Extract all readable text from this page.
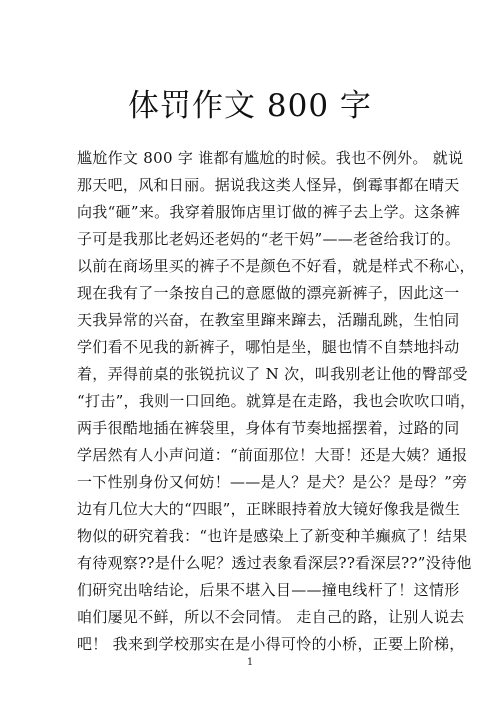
体罚作文 800 字
尴尬作文 800 字 谁都有尴尬的时候。我也不例外。 就说
那天吧，风和日丽。据说我这类人怪异，倒霉事都在晴天
向我“砸”来。我穿着服饰店里订做的裤子去上学。这条裤
子可是我那比老妈还老妈的“老干妈”——老爸给我订的。
以前在商场里买的裤子不是颜色不好看，就是样式不称心，
现在我有了一条按自己的意愿做的漂亮新裤子，因此这一
天我异常的兴奋，在教室里蹿来蹿去，活蹦乱跳，生怕同
学们看不见我的新裤子，哪怕是坐，腿也情不自禁地抖动
着，弄得前桌的张锐抗议了 N 次，叫我别老让他的臀部受
“打击”，我则一口回绝。就算是在走路，我也会吹吹口哨，
两手很酷地插在裤袋里，身体有节奏地摇摆着，过路的同
学居然有人小声问道：“前面那位！大哥！还是大姨？通报
一下性别身份又何妨！——是人？是犬？是公？是母？”旁
边有几位大大的“四眼”，正眯眼持着放大镜好像我是微生
物似的研究着我：“也许是感染上了新变种羊癫疯了！结果
有待观察??是什么呢？透过表象看深层??看深层??”没待他
们研究出啥结论，后果不堪入目——撞电线杆了！这情形
咱们屡见不鲜，所以不会同情。 走自己的路，让别人说去
吧！ 我来到学校那实在是小得可怜的小桥，正要上阶梯，
1
